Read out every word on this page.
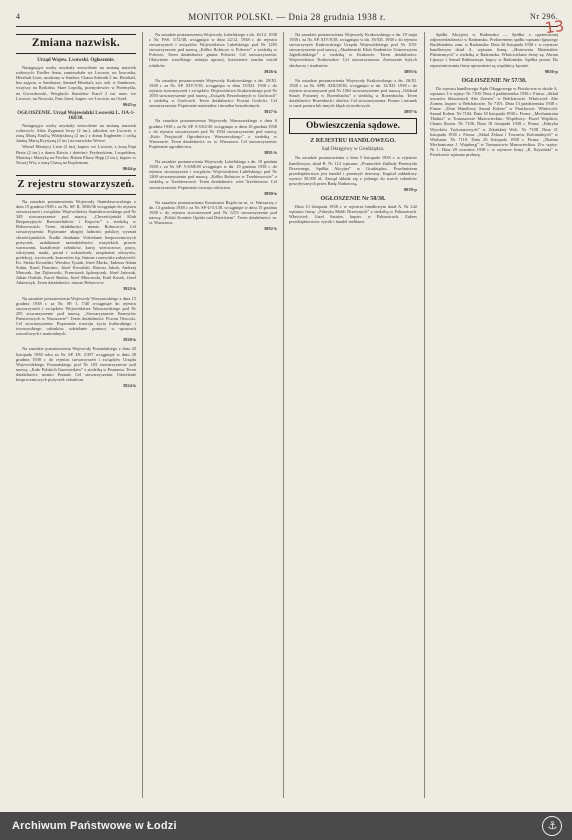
4	MONITOR POLSKI. — Dnia 28 grudnia 1938 r.	Nr 296.
13
Zmiana nazwisk.
Urząd Wojew. Lwowski. Ogłoszenie.
Następujące osoby uzyskały zezwolenie na zmianę nazwisk rodowych: Fiedler Anna, zamieszkała we Lwowie, na Jaworska, Herzhaft Leon, urodzony w Sambor. Chana Schmidt 2 im. Herzhaft, bez zajęcia, w Samborze, Samuel Herzhaft, syn. zeb. w Samborze, wszyscy na Borkińsz, Stare Lopolię, pramysłowiec w Przemyślu, na Gwozdowski, Werglucki Stanisław Karol 2 im. nam. we Lwowie, na Nowicki, Pass Józef, kupiec we Lwowie, na Orzeł.
9043-p
OGŁOSZENIE. Urząd Wojewódzki Lwowski L. OA-1-168/38.
Następujące osoby uzyskały zezwolenie na zmianę nazwisk rodowych: Atlas Zygmunt Jerzy (2 im.), adwokat we Lwowie, z żoną Marią Emilią Władysławą (2 im.) z domu Englender i córką Janiną Marią Krystyną (2 im.) na nazwisko Weiwe.
Wiesel Maurycy Leon (2 im), kupiec we Lwowie, z żoną Papi Berta (2 im.) z domu Kärcio i dziećmi: Fryderykiem, Leopoldem, Martiną i Martyką na Fischer. Ruben Eliasz Hipp (2 im.), kupiec w Nowej Wsi, z żoną Chaną na Koplerman.
9044-p
Z rejestru stowarzyszeń.
Na zasadzie postanowienia Wojewody Stanisławowskiego z dnia 15 grudnia 1938 r. za Nr. SP. II. 3036/36 wciągnięte do rejestru stowarzyszeń i związków Województwa Stanisławowskiego pod Nr 349 stowarzyszenie pod nazwą: „Chrześcijański Klub Bezpartyjnych Rzemieślników i Kupców” z siedzibą w Bołszowcach. Teren działalności: miasto Bołszowce. Cel stowarzyszenia: Popieranie ubogiej ludności polskiej wyznań chrześcijańskich. Środki działania: Udzielanie bezprocentowych pożyczek, uzdalnianie samodzielności wszystkich prawie warstwami, kształcenie członków, kursy wieczorowe, pracy, odczytami, nauki, porad i wskazówek, urządzanie odczytów, prelekcyj, wycieczek, koncertów itp. Imiona i nazwiska założycieli: Ks. Stefan Kowalski, Wiesław Tysiak, Józef Marks, Tadeusz Adam Sobin, Karol Dominec, Józef Kowalski, Bartosz Jakub, Andrzej Marczak, Jan Dąbrowski, Franciszek Jędrzejczak, Józef Jańczuk, Julian Osiński, Karol Skubis, Józef Mierowski, Emil Kosek, Józef Adamczyk. Teren działalności: miasto Bołszowce.
3922-k
Na zasadzie postanowienia Wojewody Warszawskiego z dnia 15 grudnia 1938 r. za Nr. SP. I. 7/40 wciągnięte do rejestru stowarzyszeń i związków Województwa Warszawskiego pod Nr 285 stowarzyszenie pod nazwą: „Stowarzyszenie Emerytów Państwowych w Warszawie”. Teren działalności: Powiat Otwocki. Cel stowarzyszenia: Popieranie rozwoju życia kulturalnego i towarzyskiego członków, udzielanie pomocy w sprawach zawodowych i materialnych.
3920-k
Na zasadzie postanowienia Wojewody Poznańskiego z dnia 20 listopada 1938 roku za Nr. SP. I/8. 2/397 wciągnięte w dniu 28 grudnia 1938 r. do rejestru stowarzyszeń i związków Urzędu Wojewódzkiego Poznańskiego pod Nr 183 stowarzyszenie pod nazwą: „Koło Polskich Gazowników” z siedzibą w Poznaniu. Teren działalności: miasto Poznań. Cel stowarzyszenia: Udzielanie bezprocentowych pożyczek członkom.
3924-k
Na zasadzie postanowienia Wojewody Lubelskiego z dn. 16/12. 1938 r. Nr. FSS. 3/72/38, wciągnięto w dniu 22/12. 1938 r. do rejestru stowarzyszeń i związków Województwa Lubelskiego pod Nr 1283 stowarzyszenie pod nazwą „Kółko Rolnicze w Połowie” z siedzibą w Połowie. Teren działalności: gmina Połowie. Cel stowarzyszenia: Ułatwienie wszelkiego rodzaju uprawy, krzewienie zasobu wśród rolników.
3926-k
Na zasadzie postanowienia Wojewody Krakowskiego z dn. 20/XI. 1938 r. za Nr. SP. XIV/5/39, wciągnięto w dniu 15/XII. 1938 r. do rejestru stowarzyszeń i związków Województwa Krakowskiego pod Nr 1050 stowarzyszenie pod nazwą „Związek Bezrobotnych w Gorlicach” z siedzibą w Gorlicach. Teren działalności: Powiat Gorlicki. Cel stowarzyszenia: Popieranie materialne i moralne bezrobotnych.
3927-k
Na zasadzie postanowienia Wojewody Warszawskiego z dnia 6 grudnia 1938 r. za Nr SP. 5-3/61/38, wciągnięto w dniu 10 grudnia 1938 r. do rejestru stowarzyszeń pod Nr 1934 stowarzyszenie pod nazwą: „Koło Przyjaciół Ogrodnictwa Warszawskiego” z siedzibą w Warszawie. Teren działalności: m. st. Warszawa. Cel stowarzyszenia: Popieranie ogrodnictwa.
3891-k
Na zasadzie postanowienia Wojewody Lubelskiego z dn. 19 grudnia 1938 r. za Nr SP. 5-3/68/38 wciągnięto w dn. 19 grudnia 1938 r. do rejestru stowarzyszeń i związków Województwa Lubelskiego pod Nr 1269 stowarzyszenie pod nazwą: „Kółko Rolnicze w Trzebieszowie” z siedzibą w Trzebieszowie. Teren działalności: wieś Trzebieszów. Cel stowarzyszenia: Popieranie rozwoju rolnictwa.
3890-k
Na zasadzie postanowienia Komisarza Rządu na m. st. Warszawę z dn. 13 grudnia 1938 r. za Nr. SP-U-5/130, wciągnięte w dniu 15 grudnia 1938 r. do rejestru stowarzyszeń pod Nr 1255 stowarzyszenie pod nazwą: „Polski Komitet Opieki nad Dzieckiem”. Teren działalności: m. st. Warszawa.
3892-k
Na zasadzie postanowienia Wojewody Krakowskiego z dn. 19 maja 1938 r. za Nr. SP. XIV/8/38, wciągnięto w dn. 19/XII. 1938 r. do rejestru stowarzyszeń Krakowskiego Urzędu Wojewódzkiego pod Nr 1051 stowarzyszenie pod nazwą „Akademicki Klub Studentów Uniwersytetu Jagiellońskiego” z siedzibą w Krakowie. Teren działalności: Województwo Krakowskie. Cel stowarzyszenia: Zrzeszenie byłych słuchaczy i studentów.
3893-k
Na zasadzie postanowienia Wojewody Krakowskiego z dn. 26/XI. 1938 r. za Nr. SPB. XIII/28/38, wciągnięto w dn. 13/XII. 1938 r. do rejestru stowarzyszeń pod Nr 1063 stowarzyszenie pod nazwą „Oddział Straży Pożarnej w Rozenbachu” z siedzibą w Rozenbachu. Teren działalności: Rozenbach i okolice. Cel stowarzyszenia: Pomoc i ratunek w razie pożaru lub innych klęsk żywiołowych.
3897-k
Obwieszczenia sądowe.
Z REJESTRU HANDLOWEGO.
Sąd Okręgowy w Grudziądzu.
Na zasadzie postanowienia z dnia 5 listopada 1938 r. w rejestrze handlowym, dział B. Nr 112 wpisano: „Pomorskie Zakłady Przemysłu Drzewnego, Spółka Akcyjna” w Grudziądzu. Przedmiotem przedsiębiorstwa jest handel i przemysł drzewny. Kapitał zakładowy wynosi 50.000 zł. Zarząd składa się z jednego do trzech członków powoływanych przez Radę Nadzorczą.
9039-p
OGŁOSZENIE Nr 58/38.
Dnia 13 listopada 1938 r. w rejestrze handlowym dział A. Nr 242 wpisano firmę: „Fabryka Mebli Drzewnych” z siedzibą w Pabianicach. Właściciel: Józef Szuster, kupiec w Pabianicach. Zakres przedsiębiorstwa: wyrób i handel meblami.
Spółki Akcyjnej w Radomsku — Spółka o ograniczonej odpowiedzialności w Radomsku. Prokurentem spółki wpisano Ignacego Buchbindera, zam. w Radomsku. Dnia 26 listopada 1938 r. w rejestrze handlowym dział A. wpisano firmę: „Hurtownia Materiałów Piśmiennych” z siedzibą w Radomsku. Właścicielami firmy są: Abram Lipszyc i Szmul Rubinsztajn, kupcy w Radomsku. Spółka jawna. Do reprezentowania firmy uprawnieni są wspólnicy łącznie.
9026-p
OGŁOSZENIE Nr 57/38.
Do rejestru handlowego Sądu Okręgowego w Piotrkowie w dziale A. wpisano: I-o wpisy: Nr 7100. Dnia 4 października 1938 r. Firma: „Skład towarów bławatnych Abe Zomen” w Bełchatowie. Właściciel: Abe Zomen, kupiec w Bełchatowie. Nr 7101. Dnia 13 października 1938 r. Firma: „Dom Handlowy Szmul Kohen” w Piotrkowie. Właściciel: Szmul Kohen. Nr 7104. Dnia 18 listopada 1938 r. Firma: „Mechaniczna Tkalnia” w Tomaszowie Mazowieckim. Wspólnicy: Fiszel Wajsbrot, Chaim Rozen. Nr 7106. Dnia 18 listopada 1938 r. Firma: „Fabryka Wyrobów Trykotażowych” w Zduńskiej Woli. Nr 7108. Dnia 21 listopada 1938 r. Firma: „Skład Żelaza i Towarów Kolonialnych” w Wieluniu. Nr 7110. Dnia 25 listopada 1938 r. Firma: „Tkalnia Mechaniczna J. Wajnberg” w Tomaszowie Mazowieckim. II-o wpisy: Nr 1. Dnia 29 września 1938 r. w rejestrze firmy „K. Krysiński” w Piotrkowie wpisano prokurę.
Archiwum Państwowe w Łodzi	⚓
